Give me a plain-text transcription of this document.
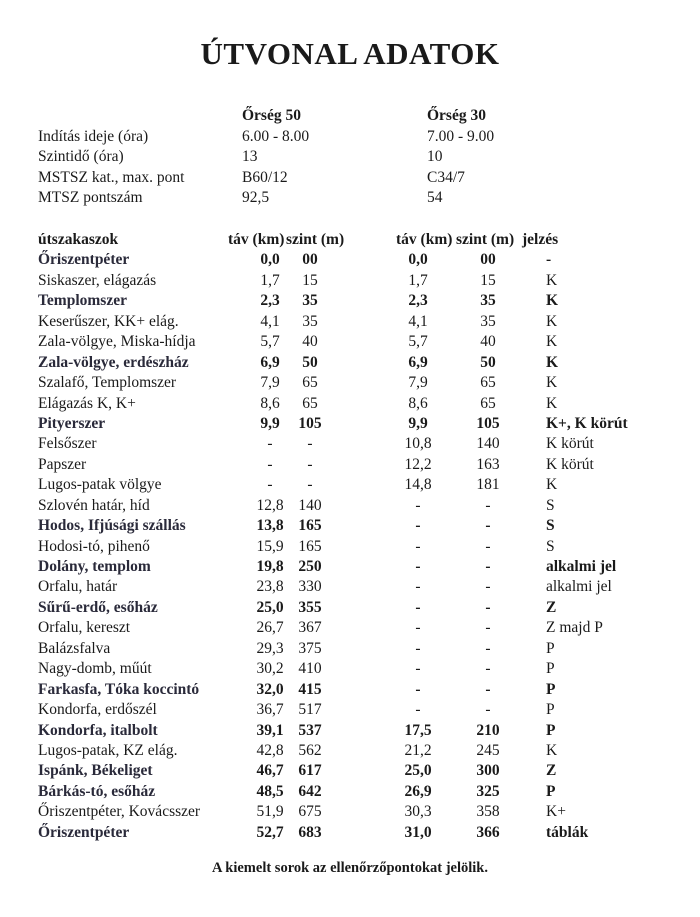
ÚTVONAL ADATOK
Őrség 50	Őrség 30
Indítás ideje (óra)	6.00 - 8.00	7.00 - 9.00
Szintidő (óra)	13	10
MSTSZ kat., max. pont	B60/12	C34/7
MTSZ pontszám	92,5	54
útszakaszok	táv (km) szint (m)	táv (km) szint (m) jelzés
Őriszentpéter	0,0	00	0,0	00	-
Siskaszer, elágazás	1,7	15	1,7	15	K
Templomszer	2,3	35	2,3	35	K
Keserűszer, KK+ elág.	4,1	35	4,1	35	K
Zala-völgye, Miska-hídja	5,7	40	5,7	40	K
Zala-völgye, erdészház	6,9	50	6,9	50	K
Szalafő, Templomszer	7,9	65	7,9	65	K
Elágazás K, K+	8,6	65	8,6	65	K
Pityerszer	9,9	105	9,9	105	K+, K körút
Felsőszer	-	-	10,8	140	K körút
Papszer	-	-	12,2	163	K körút
Lugos-patak völgye	-	-	14,8	181	K
Szlovén határ, híd	12,8 140	-	-	S
Hodos, Ifjúsági szállás	13,8 165	-	-	S
Hodosi-tó, pihenő	15,9 165	-	-	S
Dolány, templom	19,8 250	-	-	alkalmi jel
Orfalu, határ	23,8 330	-	-	alkalmi jel
Sűrű-erdő, esőház	25,0 355	-	-	Z
Orfalu, kereszt	26,7 367	-	-	Z majd P
Balázsfalva	29,3 375	-	-	P
Nagy-domb, műút	30,2 410	-	-	P
Farkasfa, Tóka koccintó	32,0 415	-	-	P
Kondorfa, erdőszél	36,7 517	-	-	P
Kondorfa, italbolt	39,1 537	17,5	210	P
Lugos-patak, KZ elág.	42,8 562	21,2	245	K
Ispánk, Békeliget	46,7 617	25,0	300	Z
Bárkás-tó, esőház	48,5 642	26,9	325	P
Őriszentpéter, Kovácsszer	51,9 675	30,3	358	K+
Őriszentpéter	52,7 683	31,0	366	táblák
A kiemelt sorok az ellenőrzőpontokat jelölik.
